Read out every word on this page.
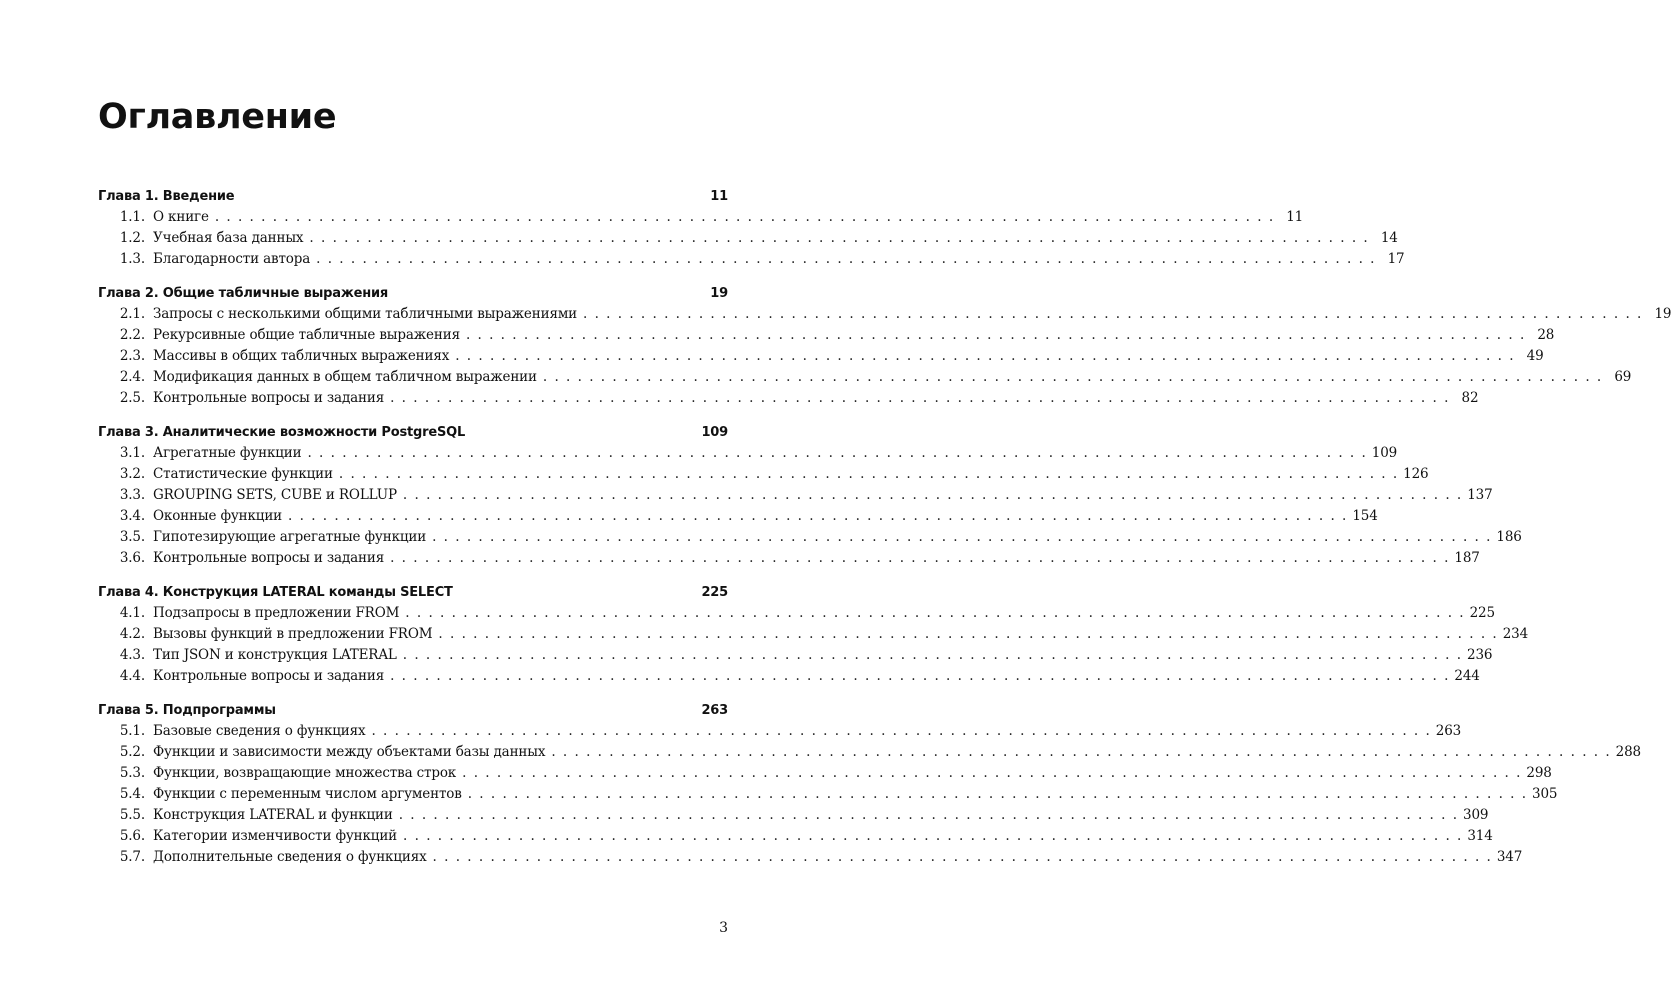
Оглавление
Глава 1. Введение	11
1.1. О книге . . .	11
1.2. Учебная база данных . . .	14
1.3. Благодарности автора . . .	17
Глава 2. Общие табличные выражения	19
2.1. Запросы с несколькими общими табличными выражениями . . .	19
2.2. Рекурсивные общие табличные выражения . . .	28
2.3. Массивы в общих табличных выражениях . . .	49
2.4. Модификация данных в общем табличном выражении . . .	69
2.5. Контрольные вопросы и задания . . .	82
Глава 3. Аналитические возможности PostgreSQL	109
3.1. Агрегатные функции . . .	109
3.2. Статистические функции . . .	126
3.3. GROUPING SETS, CUBE и ROLLUP . . .	137
3.4. Оконные функции . . .	154
3.5. Гипотезирующие агрегатные функции . . .	186
3.6. Контрольные вопросы и задания . . .	187
Глава 4. Конструкция LATERAL команды SELECT	225
4.1. Подзапросы в предложении FROM . . .	225
4.2. Вызовы функций в предложении FROM . . .	234
4.3. Тип JSON и конструкция LATERAL . . .	236
4.4. Контрольные вопросы и задания . . .	244
Глава 5. Подпрограммы	263
5.1. Базовые сведения о функциях . . .	263
5.2. Функции и зависимости между объектами базы данных . . .	288
5.3. Функции, возвращающие множества строк . . .	298
5.4. Функции с переменным числом аргументов . . .	305
5.5. Конструкция LATERAL и функции . . .	309
5.6. Категории изменчивости функций . . .	314
5.7. Дополнительные сведения о функциях . . .	347
3
